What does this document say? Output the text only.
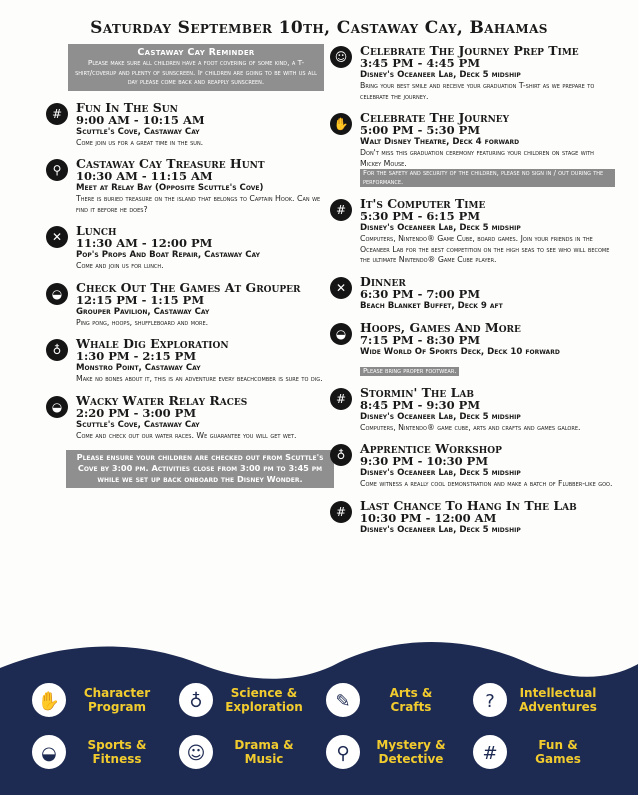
Saturday September 10th, Castaway Cay, Bahamas
Castaway Cay Reminder
Please make sure all children have a foot covering of some kind, a T-shirt/coverup and plenty of sunscreen. If children are going to be with us all day please come back and reapply sunscreen.
#	Fun In The Sun
9:00 AM - 10:15 AM
Scuttle's Cove, Castaway Cay
Come join us for a great time in the sun.
⚲	Castaway Cay Treasure Hunt
10:30 AM - 11:15 AM
Meet at Relay Bay (Opposite Scuttle's Cove)
There is buried treasure on the island that belongs to Captain Hook. Can we find it before he does?
✕	Lunch
11:30 AM - 12:00 PM
Pop's Props And Boat Repair, Castaway Cay
Come and join us for lunch.
◒	Check Out The Games At Grouper
12:15 PM - 1:15 PM
Grouper Pavilion, Castaway Cay
Ping pong, hoops, shuffleboard and more.
♁	Whale Dig Exploration
1:30 PM - 2:15 PM
Monstro Point, Castaway Cay
Make no bones about it, this is an adventure every beachcomber is sure to dig.
◒	Wacky Water Relay Races
2:20 PM - 3:00 PM
Scuttle's Cove, Castaway Cay
Come and check out our water races. We guarantee you will get wet.
Please ensure your children are checked out from Scuttle's Cove by 3:00 pm. Activities close from 3:00 pm to 3:45 pm while we set up back onboard the Disney Wonder.
☺	Celebrate The Journey Prep Time
3:45 PM - 4:45 PM
Disney's Oceaneer Lab, Deck 5 midship
Bring your best smile and receive your graduation T-shirt as we prepare to celebrate the journey.
✋ Celebrate The Journey
5:00 PM - 5:30 PM
Walt Disney Theatre, Deck 4 forward
Don't miss this graduation ceremony featuring your children on stage with Mickey Mouse.
For the safety and security of the children, please no sign in / out during the performance.
#	It's Computer Time
5:30 PM - 6:15 PM
Disney's Oceaneer Lab, Deck 5 midship
Computers, Nintendo® Game Cube, board games. Join your friends in the Oceaneer Lab for the best competition on the high seas to see who will become the ultimate Nintendo® Game Cube player.
✕	Dinner
6:30 PM - 7:00 PM
Beach Blanket Buffet, Deck 9 aft
◒	Hoops, Games And More
7:15 PM - 8:30 PM
Wide World Of Sports Deck, Deck 10 forward
Please bring proper footwear.
#	Stormin' The Lab
8:45 PM - 9:30 PM
Disney's Oceaneer Lab, Deck 5 midship
Computers, Nintendo® game cube, arts and crafts and games galore.
♁	Apprentice Workshop
9:30 PM - 10:30 PM
Disney's Oceaneer Lab, Deck 5 midship
Come witness a really cool demonstration and make a batch of Flubber-like goo.
#	Last Chance To Hang In The Lab
10:30 PM - 12:00 AM
Disney's Oceaneer Lab, Deck 5 midship
✋	Character Program	♁	Science & Exploration	✎	Arts & Crafts	?	Intellectual Adventures
◒	Sports & Fitness	☺	Drama & Music	⚲	Mystery & Detective	#	Fun & Games
